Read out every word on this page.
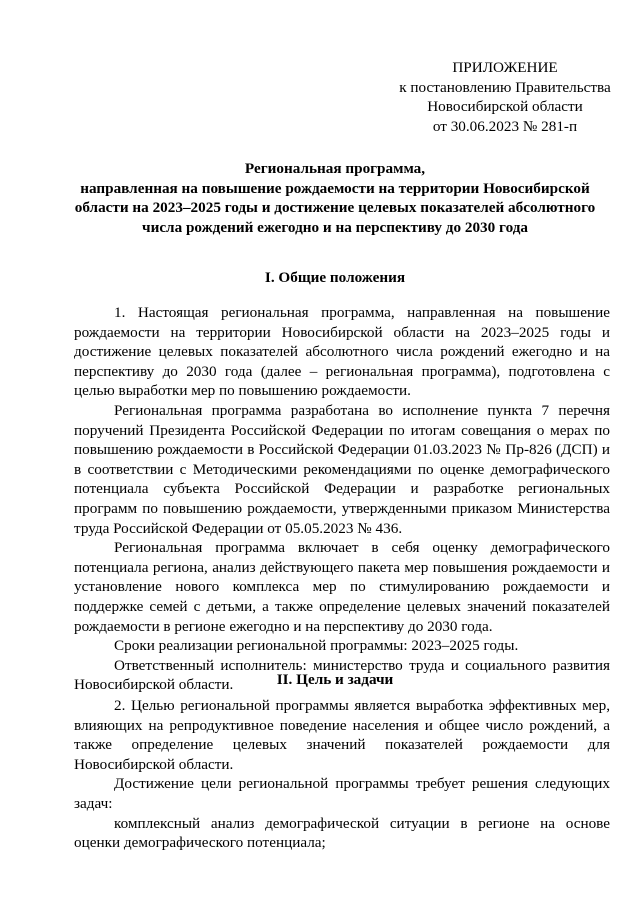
ПРИЛОЖЕНИЕ
к постановлению Правительства
Новосибирской области
от 30.06.2023 № 281-п
Региональная программа,
направленная на повышение рождаемости на территории Новосибирской
области на 2023–2025 годы и достижение целевых показателей абсолютного
числа рождений ежегодно и на перспективу до 2030 года
I. Общие положения

1. Настоящая региональная программа, направленная на повышение рождаемости на территории Новосибирской области на 2023–2025 годы и достижение целевых показателей абсолютного числа рождений ежегодно и на перспективу до 2030 года (далее – региональная программа), подготовлена с целью выработки мер по повышению рождаемости.

Региональная программа разработана во исполнение пункта 7 перечня поручений Президента Российской Федерации по итогам совещания о мерах по повышению рождаемости в Российской Федерации 01.03.2023 № Пр-826 (ДСП) и в соответствии с Методическими рекомендациями по оценке демографического потенциала субъекта Российской Федерации и разработке региональных программ по повышению рождаемости, утвержденными приказом Министерства труда Российской Федерации от 05.05.2023 № 436.

Региональная программа включает в себя оценку демографического потенциала региона, анализ действующего пакета мер повышения рождаемости и установление нового комплекса мер по стимулированию рождаемости и поддержке семей с детьми, а также определение целевых значений показателей рождаемости в регионе ежегодно и на перспективу до 2030 года.

Сроки реализации региональной программы: 2023–2025 годы.

Ответственный исполнитель: министерство труда и социального развития Новосибирской области.	II. Цель и задачи

2. Целью региональной программы является выработка эффективных мер, влияющих на репродуктивное поведение населения и общее число рождений, а также определение целевых значений показателей рождаемости для Новосибирской области.

Достижение цели региональной программы требует решения следующих задач:

комплексный анализ демографической ситуации в регионе на основе оценки демографического потенциала;
